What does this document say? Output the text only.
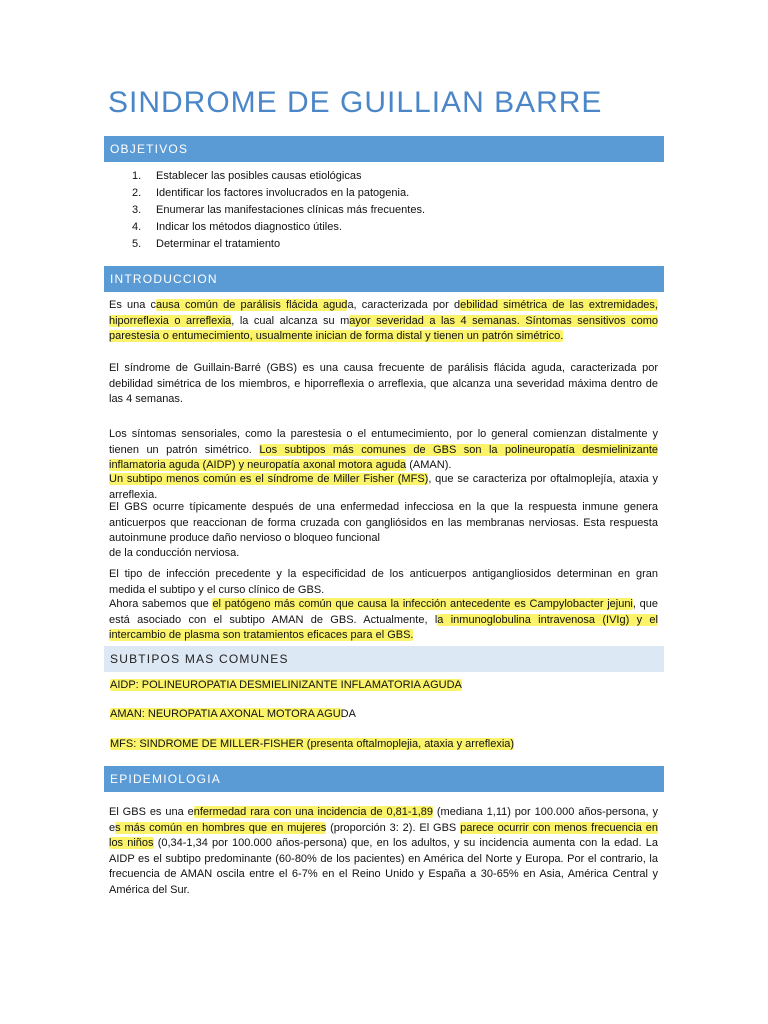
SINDROME DE GUILLIAN BARRE
OBJETIVOS
1. Establecer las posibles causas etiológicas
2. Identificar los factores involucrados en la patogenia.
3. Enumerar las manifestaciones clínicas más frecuentes.
4. Indicar los métodos diagnostico útiles.
5. Determinar el tratamiento
INTRODUCCION

Es una causa común de parálisis flácida aguda, caracterizada por debilidad simétrica de las extremidades, hiporreflexia o arreflexia, la cual alcanza su mayor severidad a las 4 semanas. Síntomas sensitivos como parestesia o entumecimiento, usualmente inician de forma distal y tienen un patrón simétrico.

El síndrome de Guillain-Barré (GBS) es una causa frecuente de parálisis flácida aguda, caracterizada por debilidad simétrica de los miembros, e hiporreflexia o arreflexia, que alcanza una severidad máxima dentro de las 4 semanas.

Los síntomas sensoriales, como la parestesia o el entumecimiento, por lo general comienzan distalmente y tienen un patrón simétrico. Los subtipos más comunes de GBS son la polineuropatía desmielinizante inflamatoria aguda (AIDP) y neuropatía axonal motora aguda (AMAN).

Un subtipo menos común es el síndrome de Miller Fisher (MFS), que se caracteriza por oftalmoplejía, ataxia y arreflexia.

El GBS ocurre típicamente después de una enfermedad infecciosa en la que la respuesta inmune genera anticuerpos que reaccionan de forma cruzada con gangliósidos en las membranas nerviosas. Esta respuesta autoinmune produce daño nervioso o bloqueo funcional

de la conducción nerviosa.

El tipo de infección precedente y la especificidad de los anticuerpos antigangliosidos determinan en gran medida el subtipo y el curso clínico de GBS.

Ahora sabemos que el patógeno más común que causa la infección antecedente es Campylobacter jejuni, que está asociado con el subtipo AMAN de GBS. Actualmente, la inmunoglobulina intravenosa (IVIg) y el intercambio de plasma son tratamientos eficaces para el GBS.

SUBTIPOS MAS COMUNES

AIDP: POLINEUROPATIA DESMIELINIZANTE INFLAMATORIA AGUDA

AMAN: NEUROPATIA AXONAL MOTORA AGUDA

MFS: SINDROME DE MILLER-FISHER (presenta oftalmoplejia, ataxia y arreflexia)

EPIDEMIOLOGIA

El GBS es una enfermedad rara con una incidencia de 0,81-1,89 (mediana 1,11) por 100.000 años-persona, y es más común en hombres que en mujeres (proporción 3: 2). El GBS parece ocurrir con menos frecuencia en los niños (0,34-1,34 por 100.000 años-persona) que, en los adultos, y su incidencia aumenta con la edad. La AIDP es el subtipo predominante (60-80% de los pacientes) en América del Norte y Europa. Por el contrario, la frecuencia de AMAN oscila entre el 6-7% en el Reino Unido y España a 30-65% en Asia, América Central y América del Sur.
